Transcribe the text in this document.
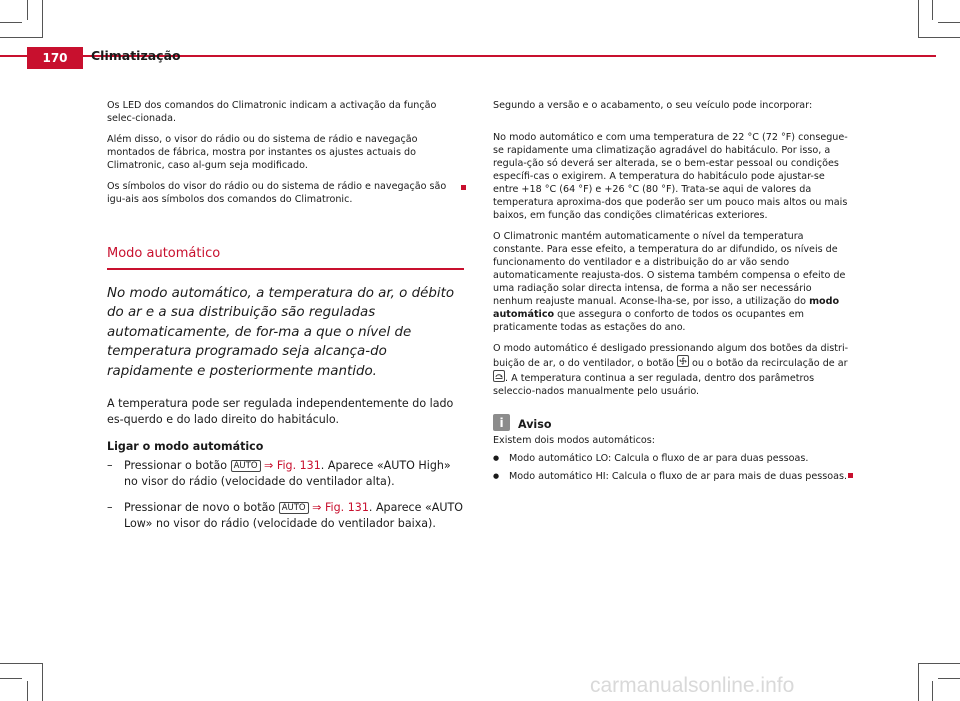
170	Climatização

Os LED dos comandos do Climatronic indicam a activação da função selec-cionada.

Além disso, o visor do rádio ou do sistema de rádio e navegação montados de fábrica, mostra por instantes os ajustes actuais do Climatronic, caso al-gum seja modificado.

Os símbolos do visor do rádio ou do sistema de rádio e navegação são igu-ais aos símbolos dos comandos do Climatronic.

Modo automático

No modo automático, a temperatura do ar, o débito do ar e a sua distribuição são reguladas automaticamente, de for-ma a que o nível de temperatura programado seja alcança-do rapidamente e posteriormente mantido.

A temperatura pode ser regulada independentemente do lado es-querdo e do lado direito do habitáculo.

Ligar o modo automático
–	Pressionar o botão AUTO ⇒ Fig. 131. Aparece «AUTO High» no visor do rádio (velocidade do ventilador alta).
–	Pressionar de novo o botão AUTO ⇒ Fig. 131. Aparece «AUTO Low» no visor do rádio (velocidade do ventilador baixa).

Segundo a versão e o acabamento, o seu veículo pode incorporar:

No modo automático e com uma temperatura de 22 °C (72 °F) consegue-se rapidamente uma climatização agradável do habitáculo. Por isso, a regula-ção só deverá ser alterada, se o bem-estar pessoal ou condições específi-cas o exigirem. A temperatura do habitáculo pode ajustar-se entre +18 °C (64 °F) e +26 °C (80 °F). Trata-se aqui de valores da temperatura aproxima-dos que poderão ser um pouco mais altos ou mais baixos, em função das condições climatéricas exteriores.

O Climatronic mantém automaticamente o nível da temperatura constante. Para esse efeito, a temperatura do ar difundido, os níveis de funcionamento do ventilador e a distribuição do ar vão sendo automaticamente reajusta-dos. O sistema também compensa o efeito de uma radiação solar directa intensa, de forma a não ser necessário nenhum reajuste manual. Aconse-lha-se, por isso, a utilização do modo automático que assegura o conforto de todos os ocupantes em praticamente todas as estações do ano.

O modo automático é desligado pressionando algum dos botões da distri-buição de ar, o do ventilador, o botão ou o botão da recirculação de ar
. A temperatura continua a ser regulada, dentro dos parâmetros seleccio-nados manualmente pelo usuário.

i	Aviso

Existem dois modos automáticos:

●	Modo automático LO: Calcula o fluxo de ar para duas pessoas.
●	Modo automático HI: Calcula o fluxo de ar para mais de duas pessoas.
carmanualsonline.info
